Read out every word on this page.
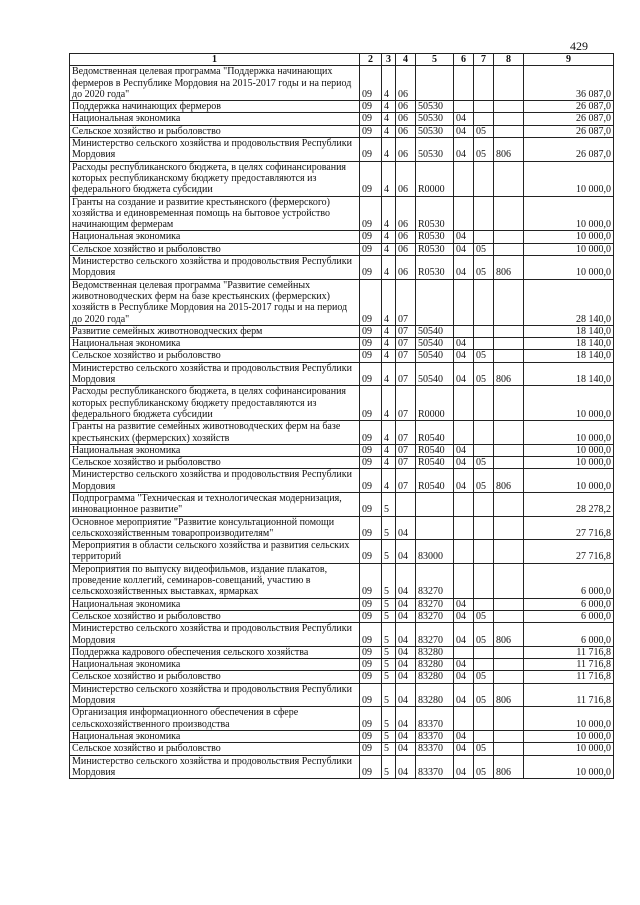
429
1	2	3	4	5	6	7	8	9
Ведомственная целевая программа "Поддержка начинающих фермеров в Республике Мордовия на 2015-2017 годы и на период до 2020 года"	09	4	06					36 087,0
Поддержка начинающих фермеров	09	4	06	50530				26 087,0
Национальная экономика	09	4	06	50530	04			26 087,0
Сельское хозяйство и рыболовство	09	4	06	50530	04	05		26 087,0
Министерство сельского хозяйства и продовольствия Республики Мордовия	09	4	06	50530	04	05	806	26 087,0
Расходы республиканского бюджета, в целях софинансирования которых республиканскому бюджету предоставляются из федерального бюджета субсидии	09	4	06	R0000				10 000,0
Гранты на создание и развитие крестьянского (фермерского) хозяйства и единовременная помощь на бытовое устройство начинающим фермерам	09	4	06	R0530				10 000,0
Национальная экономика	09	4	06	R0530	04			10 000,0
Сельское хозяйство и рыболовство	09	4	06	R0530	04	05		10 000,0
Министерство сельского хозяйства и продовольствия Республики Мордовия	09	4	06	R0530	04	05	806	10 000,0
Ведомственная целевая программа "Развитие семейных животноводческих ферм на базе крестьянских (фермерских) хозяйств в Республике Мордовия на 2015-2017 годы и на период до 2020 года"	09	4	07					28 140,0
Развитие семейных животноводческих ферм	09	4	07	50540				18 140,0
Национальная экономика	09	4	07	50540	04			18 140,0
Сельское хозяйство и рыболовство	09	4	07	50540	04	05		18 140,0
Министерство сельского хозяйства и продовольствия Республики Мордовия	09	4	07	50540	04	05	806	18 140,0
Расходы республиканского бюджета, в целях софинансирования которых республиканскому бюджету предоставляются из федерального бюджета субсидии	09	4	07	R0000				10 000,0
Гранты на развитие семейных животноводческих ферм на базе крестьянских (фермерских) хозяйств	09	4	07	R0540				10 000,0
Национальная экономика	09	4	07	R0540	04			10 000,0
Сельское хозяйство и рыболовство	09	4	07	R0540	04	05		10 000,0
Министерство сельского хозяйства и продовольствия Республики Мордовия	09	4	07	R0540	04	05	806	10 000,0
Подпрограмма "Техническая и технологическая модернизация, инновационное развитие"	09	5						28 278,2
Основное мероприятие "Развитие консультационной помощи сельскохозяйственным товаропроизводителям"	09	5	04					27 716,8
Мероприятия в области сельского хозяйства и развития сельских территорий	09	5	04	83000				27 716,8
Мероприятия по выпуску видеофильмов, издание плакатов, проведение коллегий, семинаров-совещаний, участию в сельскохозяйственных выставках, ярмарках	09	5	04	83270				6 000,0
Национальная экономика	09	5	04	83270	04			6 000,0
Сельское хозяйство и рыболовство	09	5	04	83270	04	05		6 000,0
Министерство сельского хозяйства и продовольствия Республики Мордовия	09	5	04	83270	04	05	806	6 000,0
Поддержка кадрового обеспечения сельского хозяйства	09	5	04	83280				11 716,8
Национальная экономика	09	5	04	83280	04			11 716,8
Сельское хозяйство и рыболовство	09	5	04	83280	04	05		11 716,8
Министерство сельского хозяйства и продовольствия Республики Мордовия	09	5	04	83280	04	05	806	11 716,8
Организация информационного обеспечения в сфере сельскохозяйственного производства	09	5	04	83370				10 000,0
Национальная экономика	09	5	04	83370	04			10 000,0
Сельское хозяйство и рыболовство	09	5	04	83370	04	05		10 000,0
Министерство сельского хозяйства и продовольствия Республики Мордовия	09	5	04	83370	04	05	806	10 000,0
